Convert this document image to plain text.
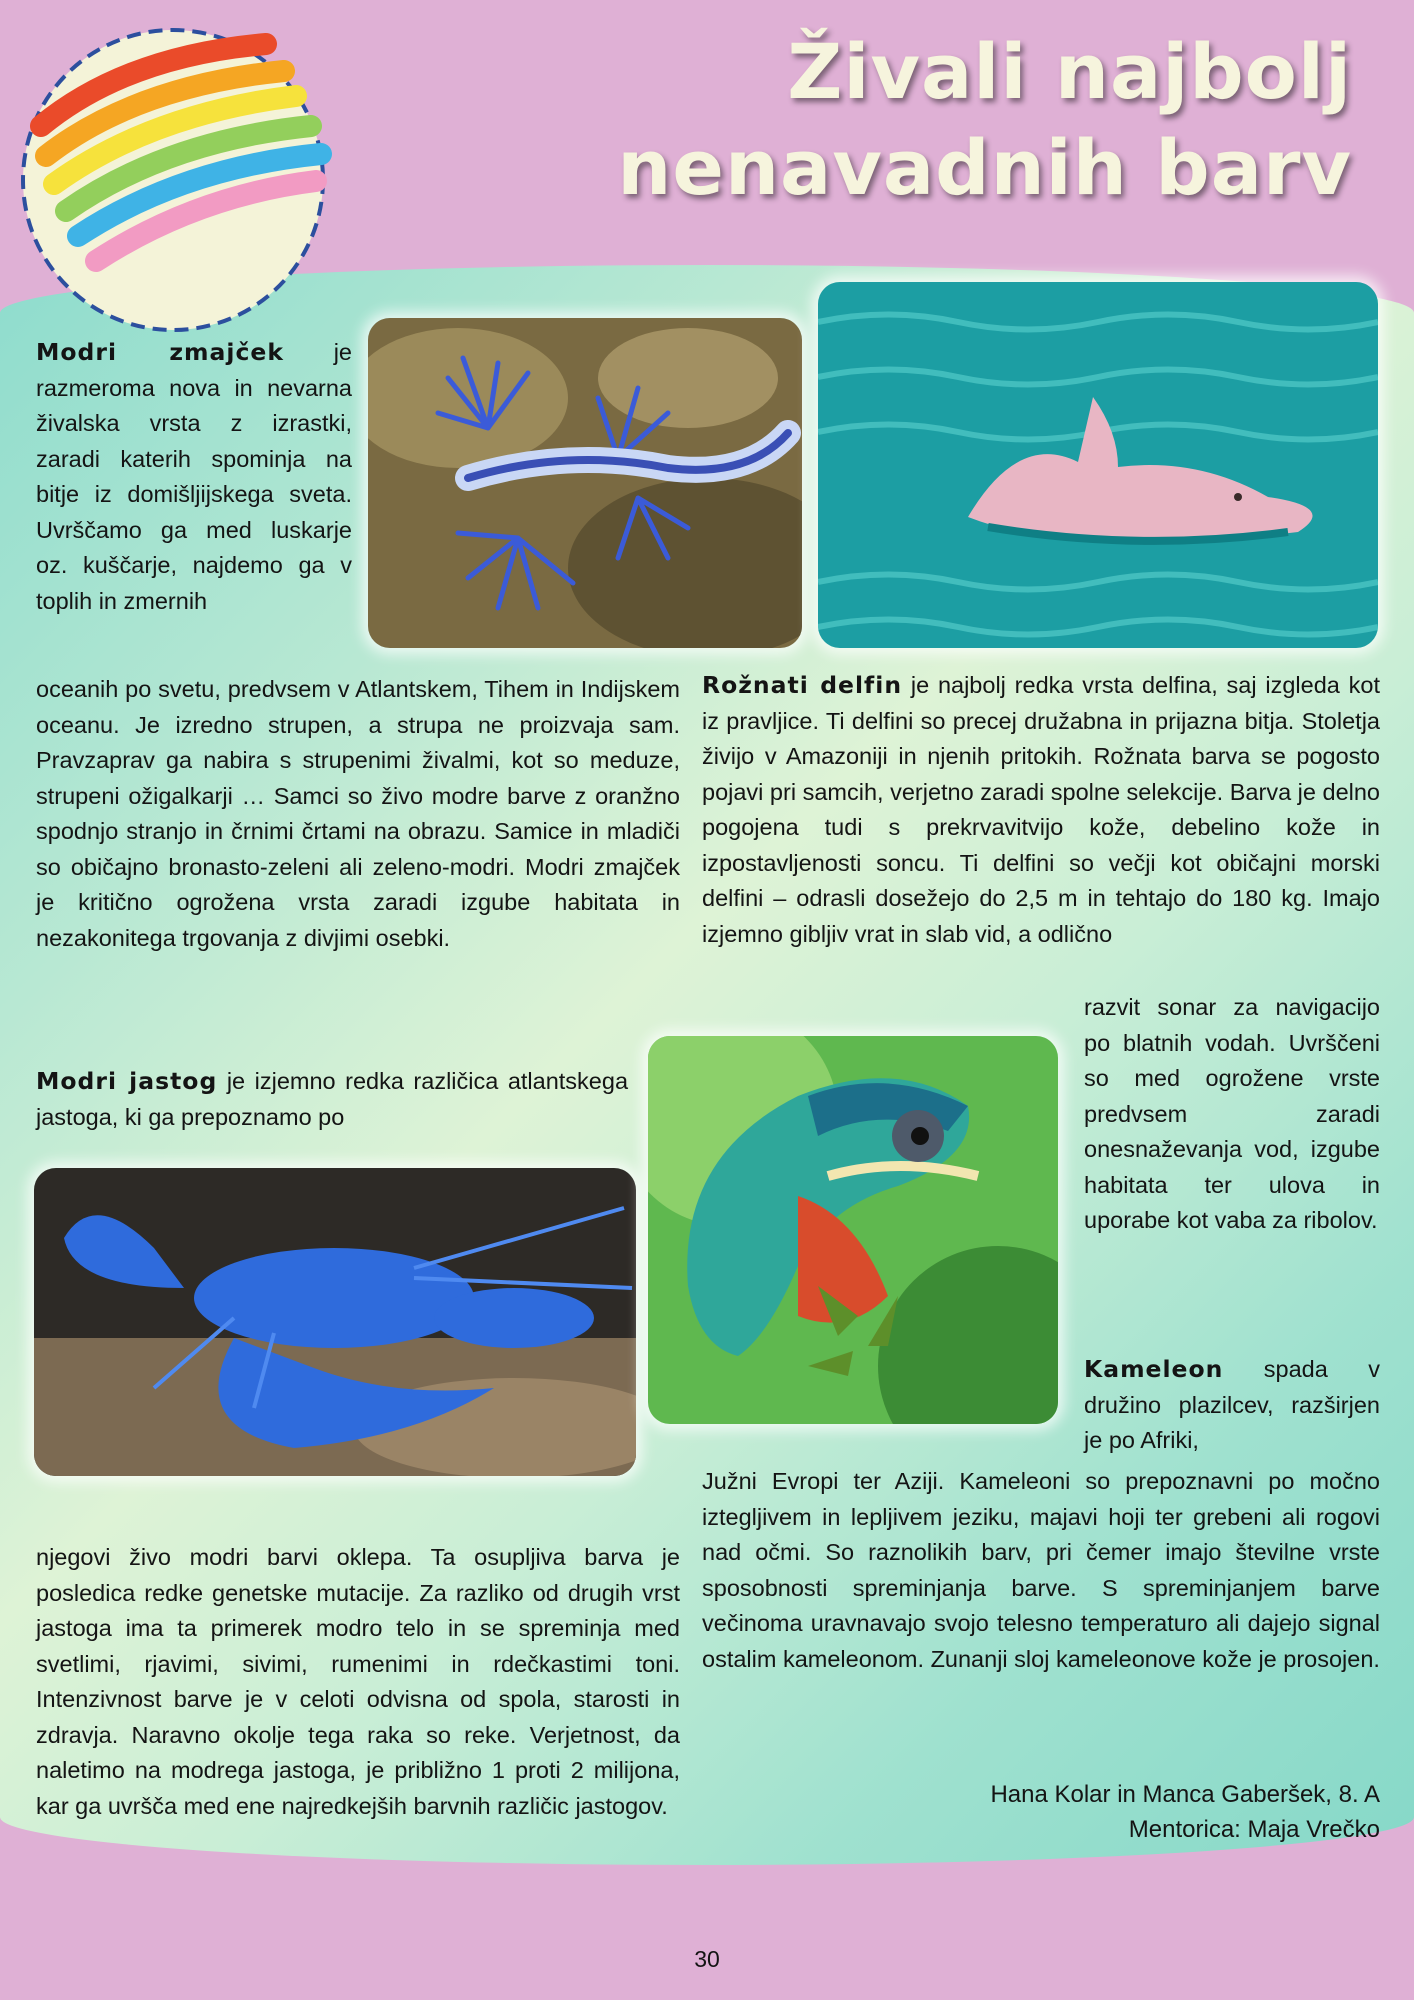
Živali najbolj
nenavadnih barv

Modri zmajček je razmeroma nova in nevarna živalska vrsta z izrastki, zaradi katerih spominja na bitje iz domišljijskega sveta. Uvrščamo ga med luskarje oz. kuščarje, najdemo ga v toplih in zmernih

oceanih po svetu, predvsem v Atlantskem, Tihem in Indijskem oceanu. Je izredno strupen, a strupa ne proizvaja sam. Pravzaprav ga nabira s strupenimi živalmi, kot so meduze, strupeni ožigalkarji … Samci so živo modre barve z oranžno spodnjo stranjo in črnimi črtami na obrazu. Samice in mladiči so običajno bronasto-zeleni ali zeleno-modri. Modri zmajček je kritično ogrožena vrsta zaradi izgube habitata in nezakonitega trgovanja z divjimi osebki.

Rožnati delfin je najbolj redka vrsta delfina, saj izgleda kot iz pravljice. Ti delfini so precej družabna in prijazna bitja. Stoletja živijo v Amazoniji in njenih pritokih. Rožnata barva se pogosto pojavi pri samcih, verjetno zaradi spolne selekcije. Barva je delno pogojena tudi s prekrvavitvijo kože, debelino kože in izpostavljenosti soncu. Ti delfini so večji kot običajni morski delfini – odrasli dosežejo do 2,5 m in tehtajo do 180 kg. Imajo izjemno gibljiv vrat in slab vid, a odlično

razvit sonar za navigacijo po blatnih vodah. Uvrščeni so med ogrožene vrste predvsem zaradi onesnaževanja vod, izgube habitata ter ulova in uporabe kot vaba za ribolov.

Modri jastog je izjemno redka različica atlantskega jastoga, ki ga prepoznamo po

njegovi živo modri barvi oklepa. Ta osupljiva barva je posledica redke genetske mutacije. Za razliko od drugih vrst jastoga ima ta primerek modro telo in se spreminja med svetlimi, rjavimi, sivimi, rumenimi in rdečkastimi toni. Intenzivnost barve je v celoti odvisna od spola, starosti in zdravja. Naravno okolje tega raka so reke. Verjetnost, da naletimo na modrega jastoga, je približno 1 proti 2 milijona, kar ga uvršča med ene najredkejših barvnih različic jastogov.

Kameleon spada v družino plazilcev, razširjen je po Afriki,

Južni Evropi ter Aziji. Kameleoni so prepoznavni po močno iztegljivem in lepljivem jeziku, majavi hoji ter grebeni ali rogovi nad očmi. So raznolikih barv, pri čemer imajo številne vrste sposobnosti spreminjanja barve. S spreminjanjem barve večinoma uravnavajo svojo telesno temperaturo ali dajejo signal ostalim kameleonom. Zunanji sloj kameleonove kože je prosojen.

Hana Kolar in Manca Gaberšek, 8. A
Mentorica: Maja Vrečko
30
